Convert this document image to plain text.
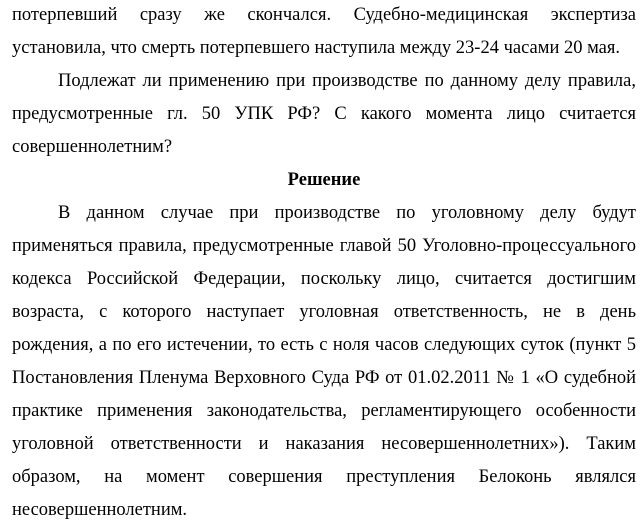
потерпевший сразу же скончался. Судебно-медицинская экспертиза
установила, что смерть потерпевшего наступила между 23-24 часами 20 мая.
Подлежат ли применению при производстве по данному делу правила,
предусмотренные гл. 50 УПК РФ? С какого момента лицо считается
совершеннолетним?
Решение
В данном случае при производстве по уголовному делу будут
применяться правила, предусмотренные главой 50 Уголовно-процессуального
кодекса Российской Федерации, поскольку лицо, считается достигшим
возраста, с которого наступает уголовная ответственность, не в день
рождения, а по его истечении, то есть с ноля часов следующих суток (пункт 5
Постановления Пленума Верховного Суда РФ от 01.02.2011 № 1 «О судебной
практике применения законодательства, регламентирующего особенности
уголовной ответственности и наказания несовершеннолетних»). Таким
образом, на момент совершения преступления Белоконь являлся
несовершеннолетним.
